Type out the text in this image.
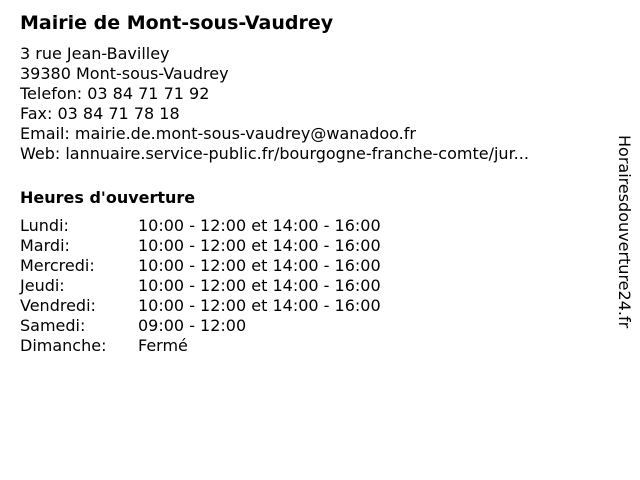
Mairie de Mont-sous-Vaudrey
3 rue Jean-Bavilley
39380 Mont-sous-Vaudrey
Telefon: 03 84 71 71 92
Fax: 03 84 71 78 18
Email: mairie.de.mont-sous-vaudrey@wanadoo.fr
Web: lannuaire.service-public.fr/bourgogne-franche-comte/jur...
Heures d'ouverture
Lundi:	10:00 - 12:00 et 14:00 - 16:00
Mardi:	10:00 - 12:00 et 14:00 - 16:00
Mercredi:	10:00 - 12:00 et 14:00 - 16:00
Jeudi:	10:00 - 12:00 et 14:00 - 16:00
Vendredi:	10:00 - 12:00 et 14:00 - 16:00
Samedi:	09:00 - 12:00
Dimanche:	Fermé
Horairesdouverture24.fr
